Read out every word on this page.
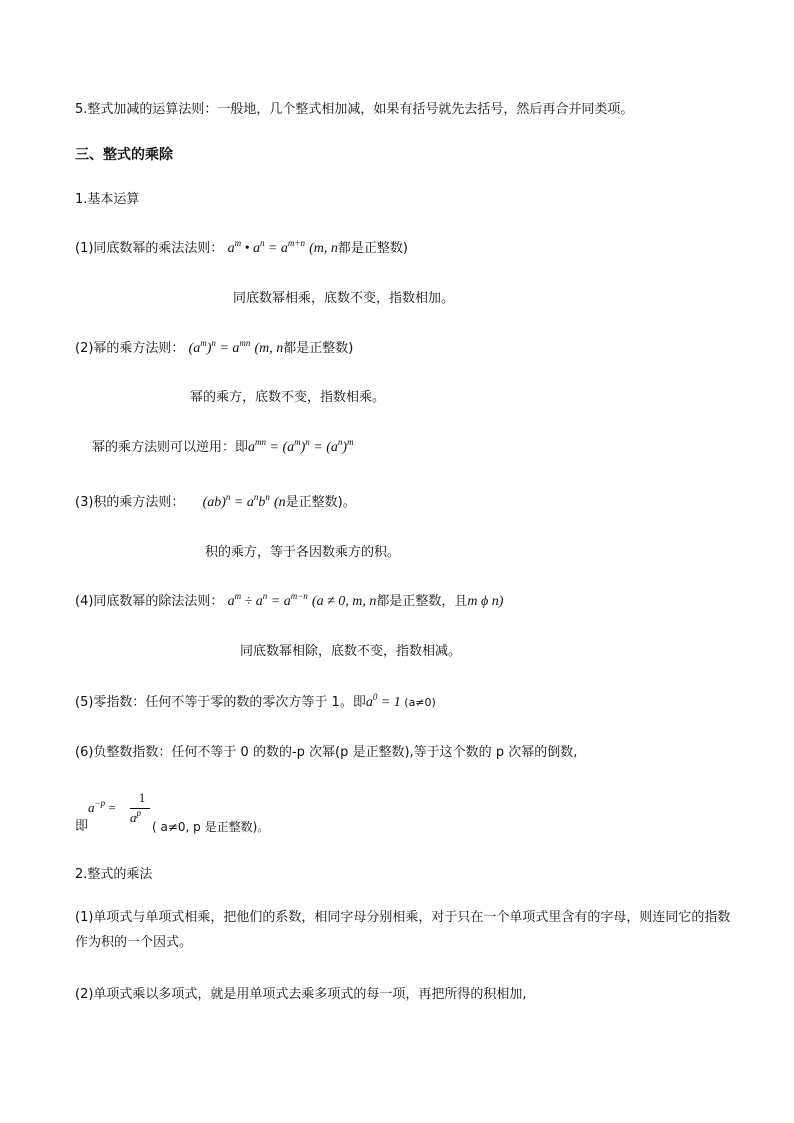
5.整式加减的运算法则：一般地，几个整式相加减，如果有括号就先去括号，然后再合并同类项。
三、整式的乘除
1.基本运算
(1)同底数幂的乘法法则： $a^m$ • $a^n = a^{m+n}$ (m, n都是正整数)
同底数幂相乘，底数不变，指数相加。
(2)幂的乘方法则： $(a^m)^n = a^{mn}$ (m, n都是正整数)
幂的乘方，底数不变，指数相乘。
幂的乘方法则可以逆用：即$a^{mn} = (a^m)^n = (a^n)^m$
(3)积的乘方法则： $(ab)^n = a^nb^n$ (n是正整数)。
积的乘方，等于各因数乘方的积。
(4)同底数幂的除法法则： $a^m \div a^n = a^{m-n}$ (a ≠ 0, m, n都是正整数，且m ϕ n)
同底数幂相除，底数不变，指数相减。
(5)零指数：任何不等于零的数的零次方等于 1。即$a^0 = 1$ (a≠0)
(6)负整数指数：任何不等于 0 的数的-p 次幂(p 是正整数),等于这个数的 p 次幂的倒数,
$a^{-p}$ =
1
$a^p$
即	( a≠0, p 是正整数)。
2.整式的乘法
(1)单项式与单项式相乘，把他们的系数，相同字母分别相乘，对于只在一个单项式里含有的字母，则连同它的指数作为积的一个因式。
(2)单项式乘以多项式，就是用单项式去乘多项式的每一项，再把所得的积相加,
